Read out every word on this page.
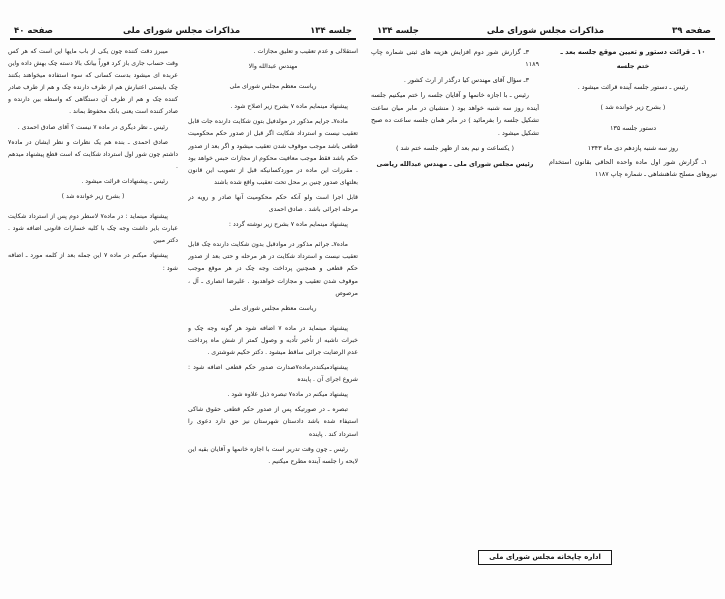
صفحه ۳۹
مذاکرات مجلس شورای ملی
جلسه ۱۳۴

۱۰ ـ قرائت دستور و تعیین موقع جلسه بعد ـ

ختم جلسه

رئیس ـ دستور جلسه آینده قرائت میشود .

( بشرح زیر خوانده شد )

دستور جلسه ۱۳۵

روز سه شنبه پازدهم دی ماه ۱۳۴۳

۱ـ گزارش شور اول ماده واحده الحاقی بقانون استخدام نیروهای مسلح شاهنشاهی ـ شماره چاپ ۱۱۸۷

۳ـ گزارش شور دوم افزایش هزینه های ثبتی شماره چاپ ۱۱۸۹

۳ـ سؤال آقای مهندس کیا درگذر از ارث کشور .

رئیس ـ با اجازه خانمها و آقایان جلسه را ختم میکنیم جلسه آینده روز سه شنبه خواهد بود ( منشیان در مابر میان ساعت تشکیل جلسه را بفرمائید ) در مابر همان جلسه ساعت ده صبح تشکیل میشود .

( یکساعت و نیم بعد از ظهر جلسه ختم شد )

رئیس مجلس شورای ملی ـ مهندس عبدالله ریاضی

اداره چاپخانه مجلس شورای ملی
جلسه ۱۳۴
مذاکرات مجلس شورای ملی
صفحه ۴۰

استقلالی و عدم تعقیب و تعلیق مجازات .

مهندس عبدالله والا

ریاست معظم مجلس شورای ملی

پیشنهاد مینمایم ماده ۷ بشرح زیر اصلاح شود .

ماده۷ـ جرایم مذکور در مولدفیل بتون شکایت دارنده جات قابل تعقیب نیست و استرداد شکایت اگر قبل از صدور حکم محکومیت قطعی باشد موجب موقوف شدن تعقیب میشود و اگر بعد از صدور حکم باشد فقط موجب معافیت محکوم از مجازات حبس خواهد بود . مقررات این ماده در موردکسانیکه قبل از تصویب این قانون بعلتهای صدور چنین بر محل تحت تعقیب واقع شده باشند

قابل اجرا است ولو آنکه حکم محکومیت آنها صادر و رویه در مرحله اجرائی باشد . صادق احمدی

پیشنهاد مینمایم ماده ۷ بشرح زیر نوشته گردد :

ماده۷ـ جرائم مذکور در موادقبل بدون شکایت دارنده چک قابل تعقیب نیست و استرداد شکایت در هر مرحله و حتی بعد از صدور حکم قطعی و همچنین پرداخت وجه چک در هر موقع موجب موقوف شدن تعقیب و مجازات خواهدبود . علیرضا انصاری ـ آل ، مرصوص

ریاست معظم مجلس شورای ملی

پیشنهاد مینماید در ماده ۷ اضافه شود هر گونه وجه چک و خبرات ناشیه از تأخیر تأدیه و وصول کمتر از شش ماه پرداخت عدم الرضایت جرائی ساقط میشود . دکتر حکیم شوشتری .

پیشنهادمیکنددرماده۷صدارت صدور حکم قطعی اضافه شود : شروع اجرای آن . پاینده

پیشنهاد میکنم در ماده۷ تبصره ذیل علاوه شود .

تبصره ـ در صورتیکه پس از صدور حکم قطعی حقوق شاکی استیفاء شده باشد دادستان شهرستان نیز حق دارد دعوی را استرداد کند . پاینده

رئیس ـ چون وقت تدریر است با اجازه خانمها و آقایان بقیه این لایحه را جلسه آینده مطرح میکنیم .

میبرز دقت کننده چون یکی از باب مایها این است که هر کس وقت حساب جاری باز کرد فوراً بیانک بالا دسته چک بهش داده واین عربده ای میشود بدست کسانی که سوء استفاده میخواهند بکنند چک بایستی اعتبارش هم از طرف دارنده چک و هم از طرف صادر کننده چک و هم از طرف آن دستگاهی که واسطه بین دارنده و صادر کننده است یعنی بانک محفوظ بماند .

رئیس ـ نظر دیگری در ماده ۷ نیست ؟ آقای صادق احمدی .

صادق احمدی ـ بنده هم یک نظرات و نظر ایشان در ماده۷ داشتم چون شور اول استرداد شکایت که است قطع پیشنهاد میدهم .

رئیس ـ پیشنهادات قرائت میشود .

( بشرح زیر خوانده شد )

پیشنهاد مینماید : در ماده۷ لاسطر دوم پس از استرداد شکایت عبارت بایر داشت وجه چک با کلیه خسارات قانونی اضافه شود . دکتر مبین

پیشنهاد میکنم در ماده ۷ این جمله بعد از کلمه مورد ـ اضافه شود :
